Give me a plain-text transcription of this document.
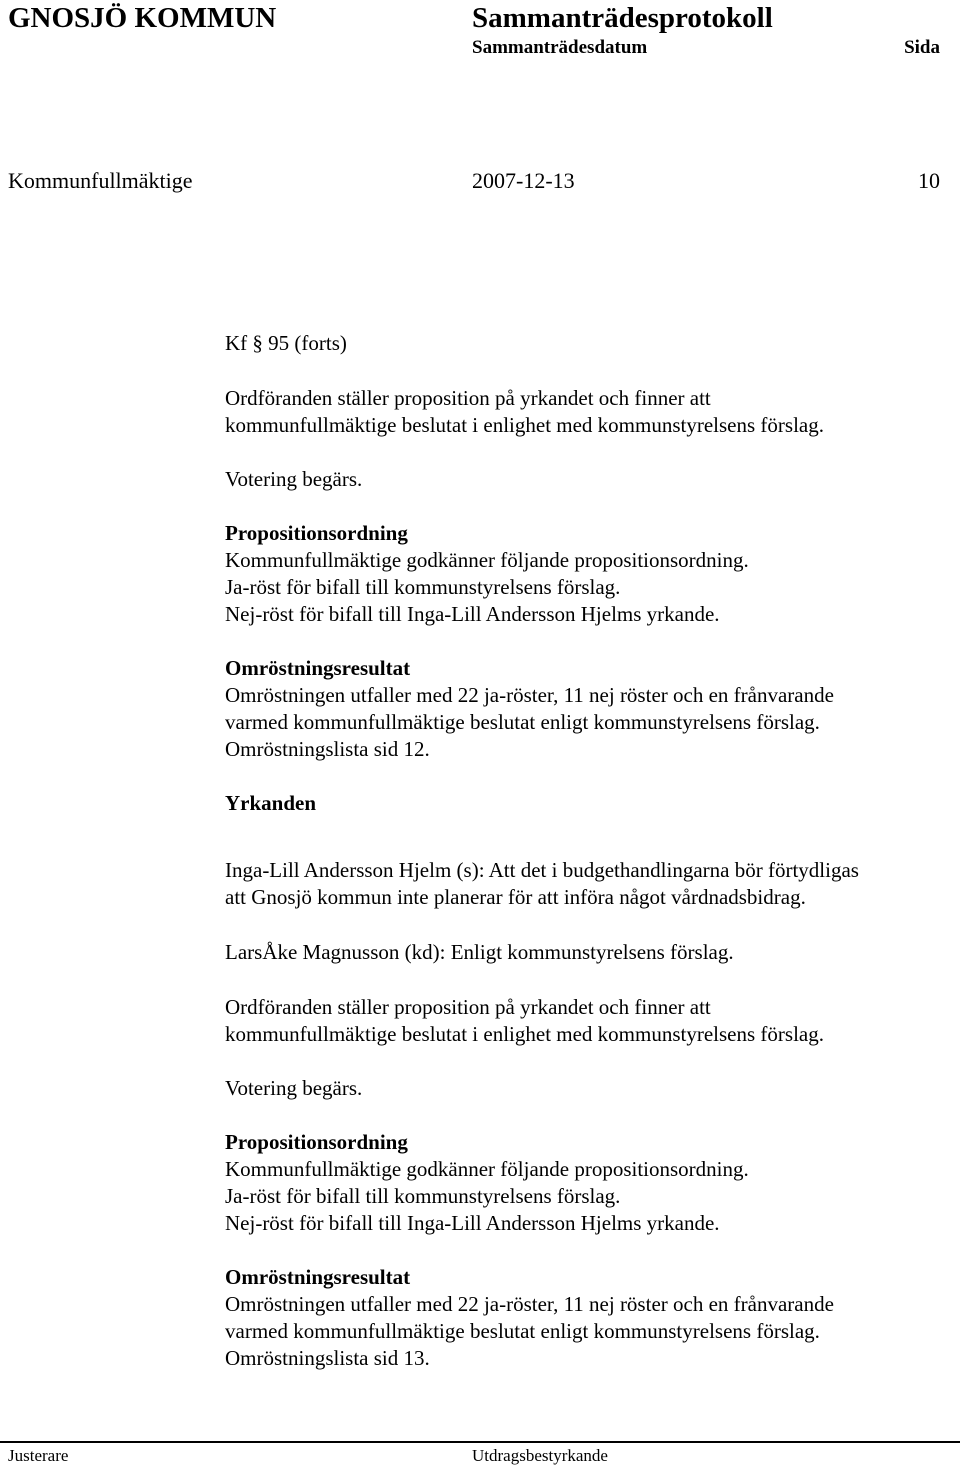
GNOSJÖ KOMMUN	Sammanträdesprotokoll
Sammanträdesdatum	Sida
Kommunfullmäktige	2007-12-13	10

Kf § 95 (forts)

Ordföranden ställer proposition på yrkandet och finner att

kommunfullmäktige beslutat i enlighet med kommunstyrelsens förslag.

Votering begärs.

Propositionsordning

Kommunfullmäktige godkänner följande propositionsordning.

Ja-röst för bifall till kommunstyrelsens förslag.

Nej-röst för bifall till Inga-Lill Andersson Hjelms yrkande.

Omröstningsresultat

Omröstningen utfaller med 22 ja-röster, 11 nej röster och en frånvarande

varmed kommunfullmäktige beslutat enligt kommunstyrelsens förslag.

Omröstningslista sid 12.

Yrkanden

Inga-Lill Andersson Hjelm (s): Att det i budgethandlingarna bör förtydligas

att Gnosjö kommun inte planerar för att införa något vårdnadsbidrag.

LarsÅke Magnusson (kd): Enligt kommunstyrelsens förslag.

Ordföranden ställer proposition på yrkandet och finner att

kommunfullmäktige beslutat i enlighet med kommunstyrelsens förslag.

Votering begärs.

Propositionsordning

Kommunfullmäktige godkänner följande propositionsordning.

Ja-röst för bifall till kommunstyrelsens förslag.

Nej-röst för bifall till Inga-Lill Andersson Hjelms yrkande.

Omröstningsresultat

Omröstningen utfaller med 22 ja-röster, 11 nej röster och en frånvarande

varmed kommunfullmäktige beslutat enligt kommunstyrelsens förslag.

Omröstningslista sid 13.

Justerare	Utdragsbestyrkande
